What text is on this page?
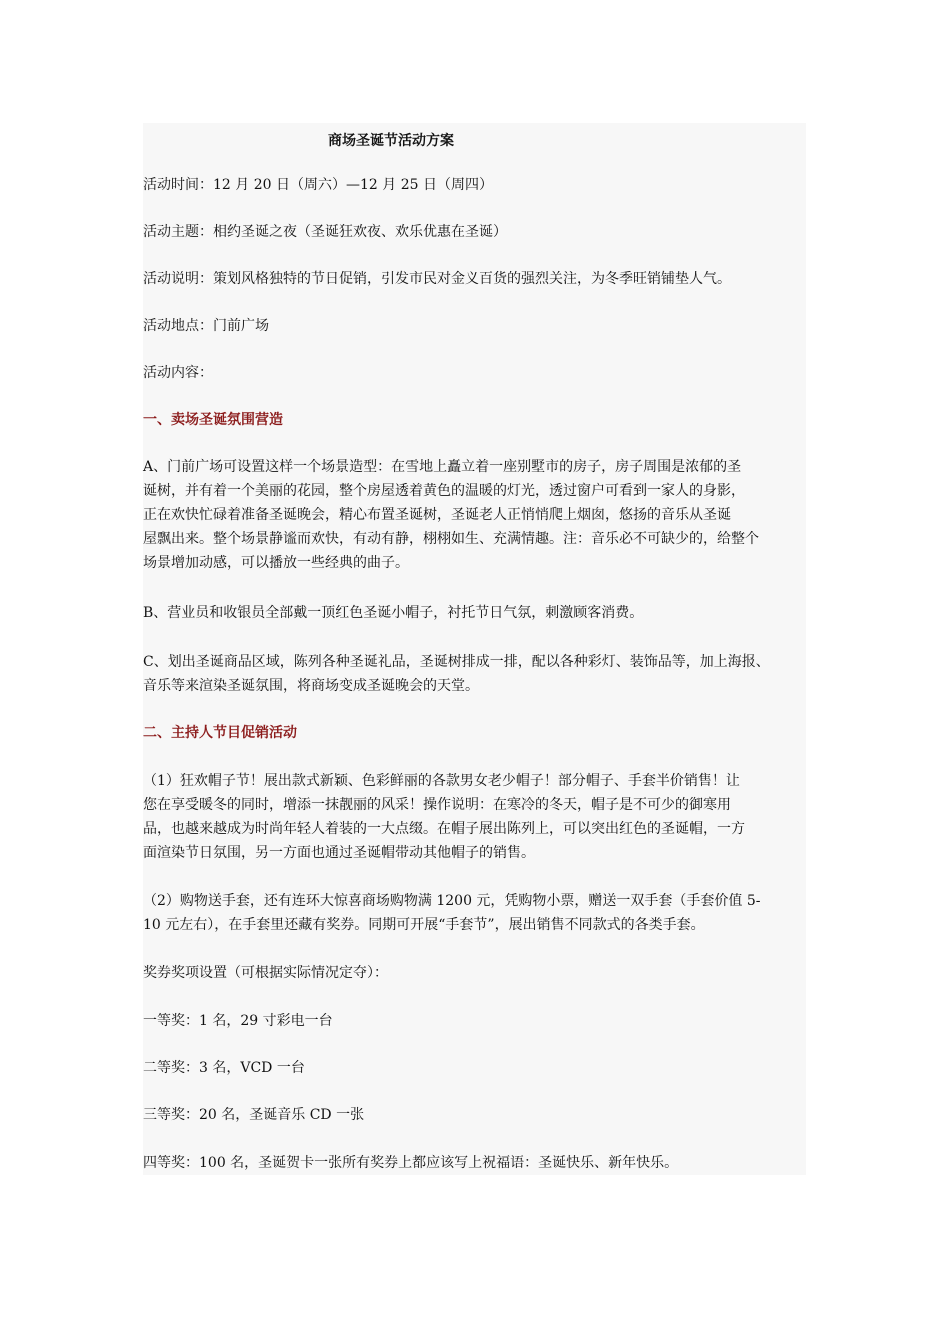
商场圣诞节活动方案

活动时间：12 月 20 日（周六）—12 月 25 日（周四）

活动主题：相约圣诞之夜（圣诞狂欢夜、欢乐优惠在圣诞）

活动说明：策划风格独特的节日促销，引发市民对金义百货的强烈关注，为冬季旺销铺垫人气。

活动地点：门前广场

活动内容：

一、卖场圣诞氛围营造

A、门前广场可设置这样一个场景造型：在雪地上矗立着一座别墅市的房子，房子周围是浓郁的圣

诞树，并有着一个美丽的花园，整个房屋透着黄色的温暖的灯光，透过窗户可看到一家人的身影，

正在欢快忙碌着准备圣诞晚会，精心布置圣诞树，圣诞老人正悄悄爬上烟囱，悠扬的音乐从圣诞

屋飘出来。整个场景静谧而欢快，有动有静，栩栩如生、充满情趣。注：音乐必不可缺少的，给整个

场景增加动感，可以播放一些经典的曲子。

B、营业员和收银员全部戴一顶红色圣诞小帽子，衬托节日气氛，刺激顾客消费。

C、划出圣诞商品区域，陈列各种圣诞礼品，圣诞树排成一排，配以各种彩灯、装饰品等，加上海报、

音乐等来渲染圣诞氛围，将商场变成圣诞晚会的天堂。

二、主持人节目促销活动

（1）狂欢帽子节！展出款式新颖、色彩鲜丽的各款男女老少帽子！部分帽子、手套半价销售！让

您在享受暖冬的同时，增添一抹靓丽的风采！操作说明：在寒冷的冬天，帽子是不可少的御寒用

品，也越来越成为时尚年轻人着装的一大点缀。在帽子展出陈列上，可以突出红色的圣诞帽，一方

面渲染节日氛围，另一方面也通过圣诞帽带动其他帽子的销售。

（2）购物送手套，还有连环大惊喜商场购物满 1200 元，凭购物小票，赠送一双手套（手套价值 5-

10 元左右），在手套里还藏有奖券。同期可开展“手套节”，展出销售不同款式的各类手套。

奖券奖项设置（可根据实际情况定夺）：

一等奖：1 名，29 寸彩电一台

二等奖：3 名，VCD 一台

三等奖：20 名，圣诞音乐 CD 一张

四等奖：100 名，圣诞贺卡一张所有奖券上都应该写上祝福语：圣诞快乐、新年快乐。
